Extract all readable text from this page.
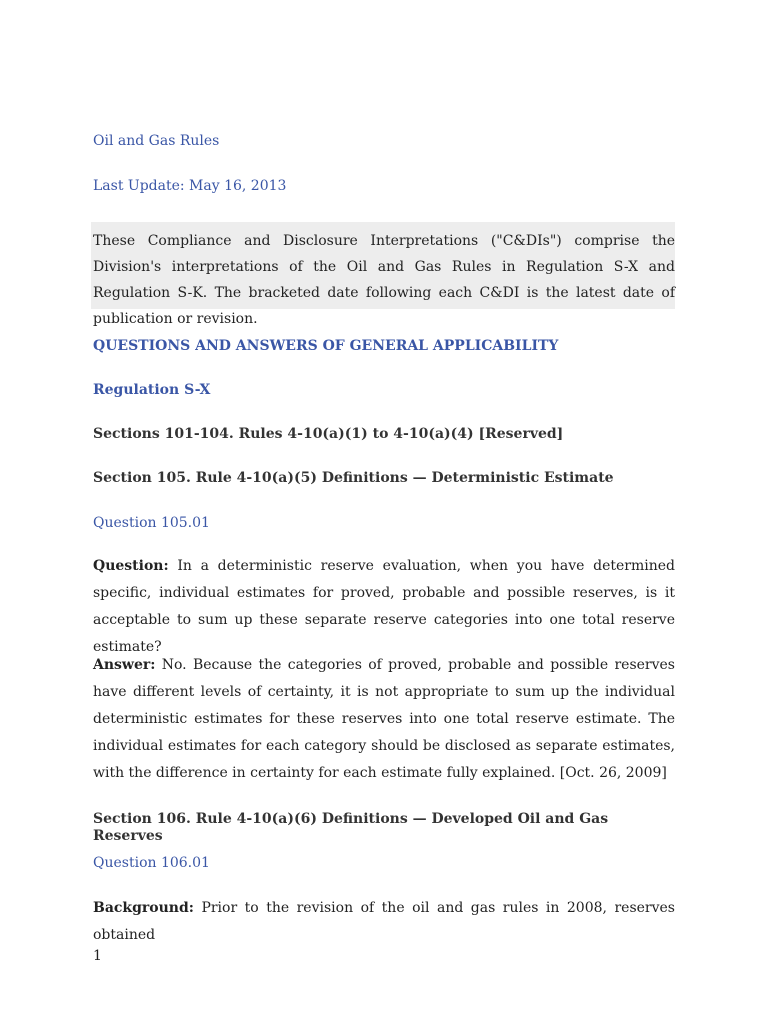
Oil and Gas Rules

Last Update: May 16, 2013

These Compliance and Disclosure Interpretations ("C&DIs") comprise the Division's interpretations of the Oil and Gas Rules in Regulation S-X and Regulation S-K. The bracketed date following each C&DI is the latest date of publication or revision.

QUESTIONS AND ANSWERS OF GENERAL APPLICABILITY

Regulation S-X

Sections 101-104. Rules 4-10(a)(1) to 4-10(a)(4) [Reserved]

Section 105. Rule 4-10(a)(5) Definitions — Deterministic Estimate

Question 105.01

Question: In a deterministic reserve evaluation, when you have determined specific, individual estimates for proved, probable and possible reserves, is it acceptable to sum up these separate reserve categories into one total reserve estimate?

Answer: No. Because the categories of proved, probable and possible reserves have different levels of certainty, it is not appropriate to sum up the individual deterministic estimates for these reserves into one total reserve estimate. The individual estimates for each category should be disclosed as separate estimates, with the difference in certainty for each estimate fully explained. [Oct. 26, 2009]

Section 106. Rule 4-10(a)(6) Definitions — Developed Oil and Gas Reserves

Question 106.01

Background: Prior to the revision of the oil and gas rules in 2008, reserves obtained

1
